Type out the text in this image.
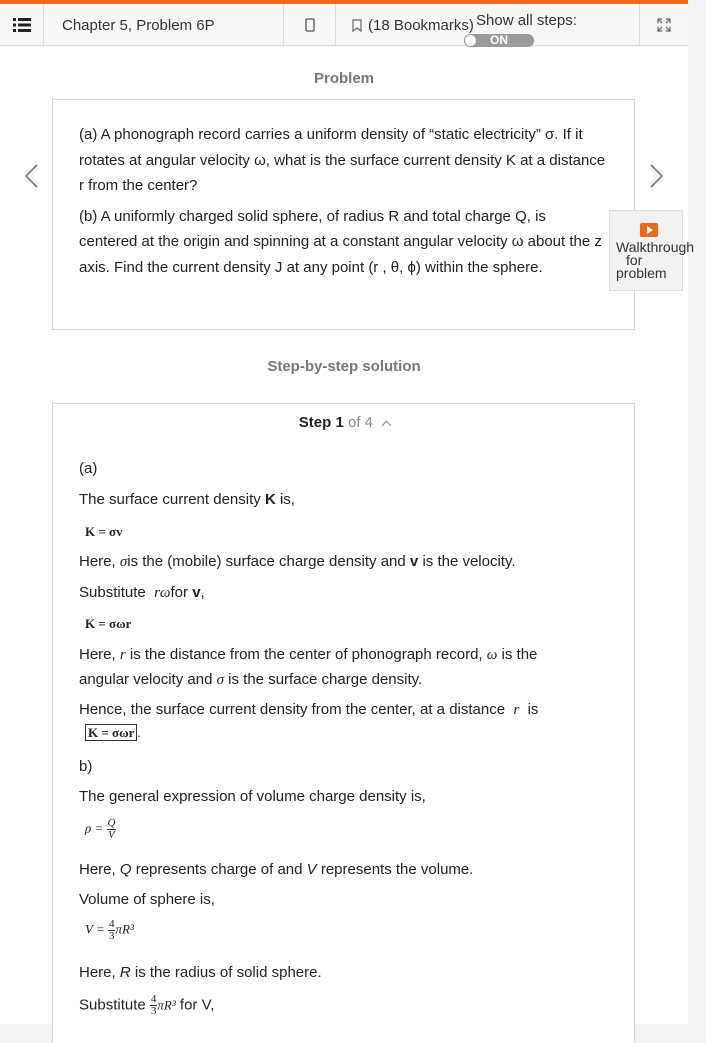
Chapter 5, Problem 6P	(18 Bookmarks) Show all steps:
ON
Problem

(a) A phonograph record carries a uniform density of “static electricity” σ. If it rotates at angular velocity ω, what is the surface current density K at a distance r from the center?

(b) A uniformly charged solid sphere, of radius R and total charge Q, is centered at the origin and spinning at a constant angular velocity ω about the z axis. Find the current density J at any point (r , θ, ϕ) within the sphere.

Walkthrough
for
problem
Step-by-step solution
Step 1 of 4
(a)
The surface current density K is,
K = σv
Here, σis the (mobile) surface charge density and v is the velocity.
Substitute rωfor v,
K = σωr
Here, r is the distance from the center of phonograph record, ω is the
angular velocity and σ is the surface charge density.
Hence, the surface current density from the center, at a distance r is
K = σωr .
b)
The general expression of volume charge density is,
$\rho = \frac{Q}{V}$
Here, Q represents charge of and V represents the volume.
Volume of sphere is,
$V = \frac{4}{3} \pi R^3$
Here, R is the radius of solid sphere.
Substitute $\frac{4}{3} \pi R^3$ for V,
